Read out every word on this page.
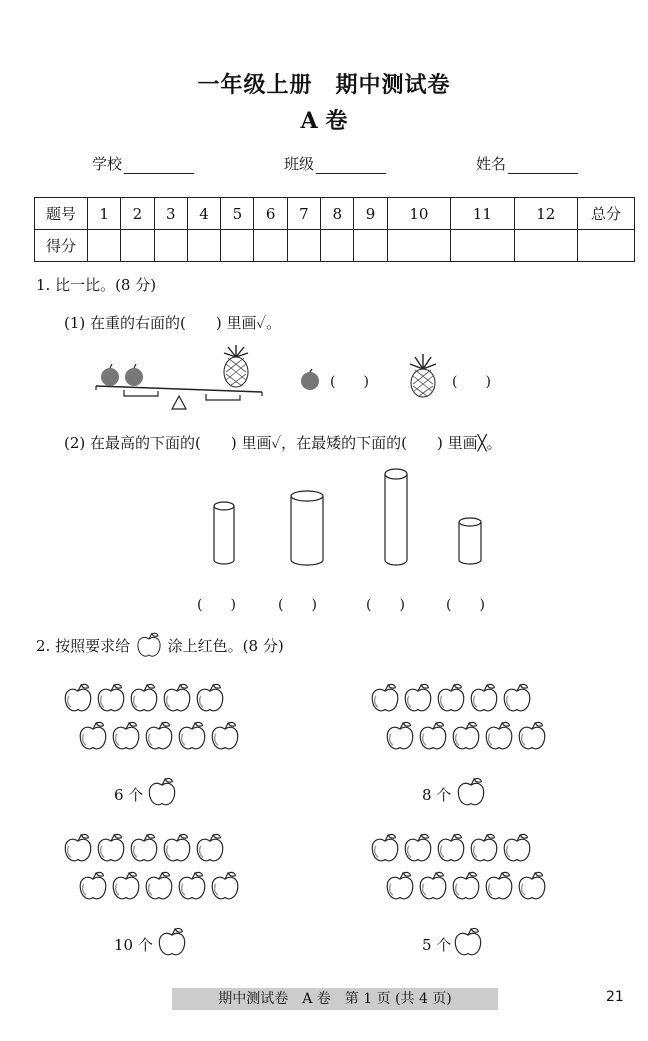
一年级上册　期中测试卷
A 卷
学校	班级	姓名
题号	1	2	3	4	5	6	7	8	9	10	11	12	总分
得分													
1. 比一比。(8 分)
(1) 在重的右面的(　　) 里画✓。
(　　)	(　　)
(2) 在最高的下面的(　　) 里画✓，在最矮的下面的(　　) 里画╳。
(　　)	(　　)	(　　)	(　　)
2. 按照要求给	涂上红色。(8 分)
6 个	8 个
10 个	5 个
期中测试卷　A 卷　第 1 页 (共 4 页)	21
